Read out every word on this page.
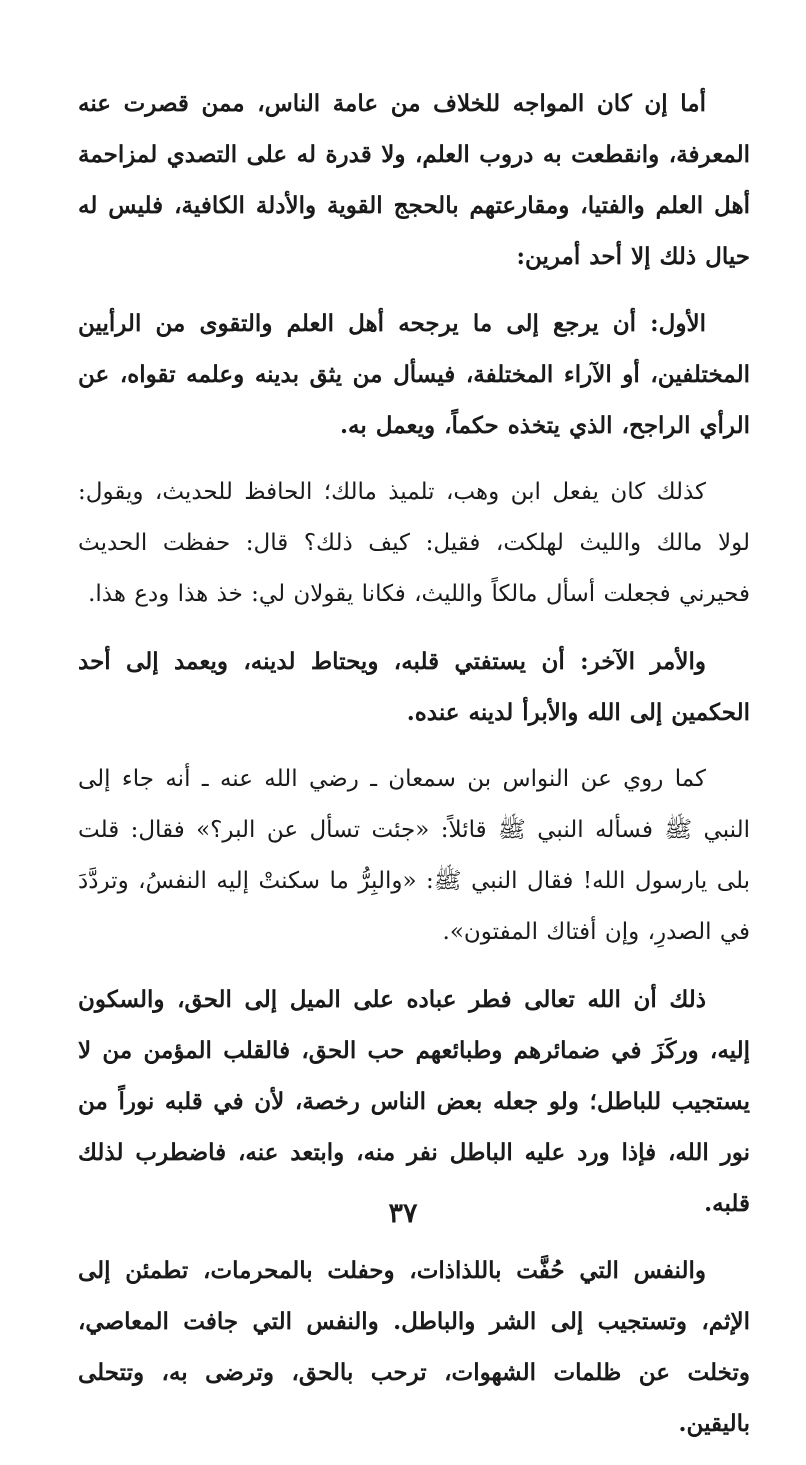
أما إن كان المواجه للخلاف من عامة الناس، ممن قصرت عنه المعرفة، وانقطعت به دروب العلم، ولا قدرة له على التصدي لمزاحمة أهل العلم والفتيا، ومقارعتهم بالحجج القوية والأدلة الكافية، فليس له حيال ذلك إلا أحد أمرين:

الأول: أن يرجع إلى ما يرجحه أهل العلم والتقوى من الرأيين المختلفين، أو الآراء المختلفة، فيسأل من يثق بدينه وعلمه تقواه، عن الرأي الراجح، الذي يتخذه حكماً، ويعمل به.

كذلك كان يفعل ابن وهب، تلميذ مالك؛ الحافظ للحديث، ويقول: لولا مالك والليث لهلكت، فقيل: كيف ذلك؟ قال: حفظت الحديث فحيرني فجعلت أسأل مالكاً والليث، فكانا يقولان لي: خذ هذا ودع هذا.

والأمر الآخر: أن يستفتي قلبه، ويحتاط لدينه، ويعمد إلى أحد الحكمين إلى الله والأبرأ لدينه عنده.

كما روي عن النواس بن سمعان ـ رضي الله عنه ـ أنه جاء إلى النبي ﷺ فسأله النبي ﷺ قائلاً: «جئت تسأل عن البر؟» فقال: قلت بلى يارسول الله! فقال النبي ﷺ: «والبِرُّ ما سكنتْ إليه النفسُ، وتردَّدَ في الصدرِ، وإن أفتاك المفتون».

ذلك أن الله تعالى فطر عباده على الميل إلى الحق، والسكون إليه، وركَزَ في ضمائرهم وطبائعهم حب الحق، فالقلب المؤمن من لا يستجيب للباطل؛ ولو جعله بعض الناس رخصة، لأن في قلبه نوراً من نور الله، فإذا ورد عليه الباطل نفر منه، وابتعد عنه، فاضطرب لذلك قلبه.

والنفس التي حُفَّت باللذاذات، وحفلت بالمحرمات، تطمئن إلى الإثم، وتستجيب إلى الشر والباطل. والنفس التي جافت المعاصي، وتخلت عن ظلمات الشهوات، ترحب بالحق، وترضى به، وتتحلى باليقين.

٣٧
